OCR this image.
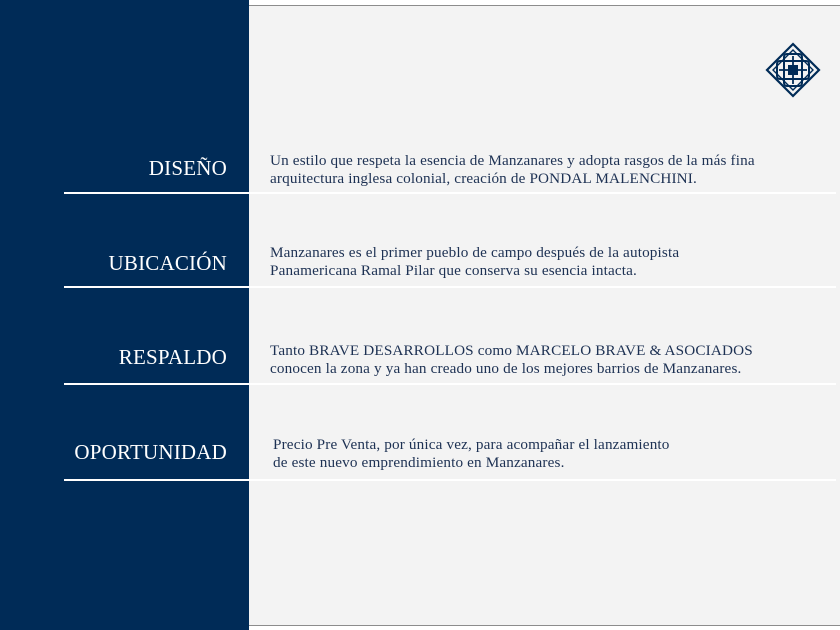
DISEÑO	Un estilo que respeta la esencia de Manzanares y adopta rasgos de la más fina
arquitectura inglesa colonial, creación de PONDAL MALENCHINI.
UBICACIÓN	Manzanares es el primer pueblo de campo después de la autopista
Panamericana Ramal Pilar que conserva su esencia intacta.
RESPALDO	Tanto BRAVE DESARROLLOS como MARCELO BRAVE & ASOCIADOS
conocen la zona y ya han creado uno de los mejores barrios de Manzanares.
OPORTUNIDAD	Precio Pre Venta, por única vez, para acompañar el lanzamiento
de este nuevo emprendimiento en Manzanares.
